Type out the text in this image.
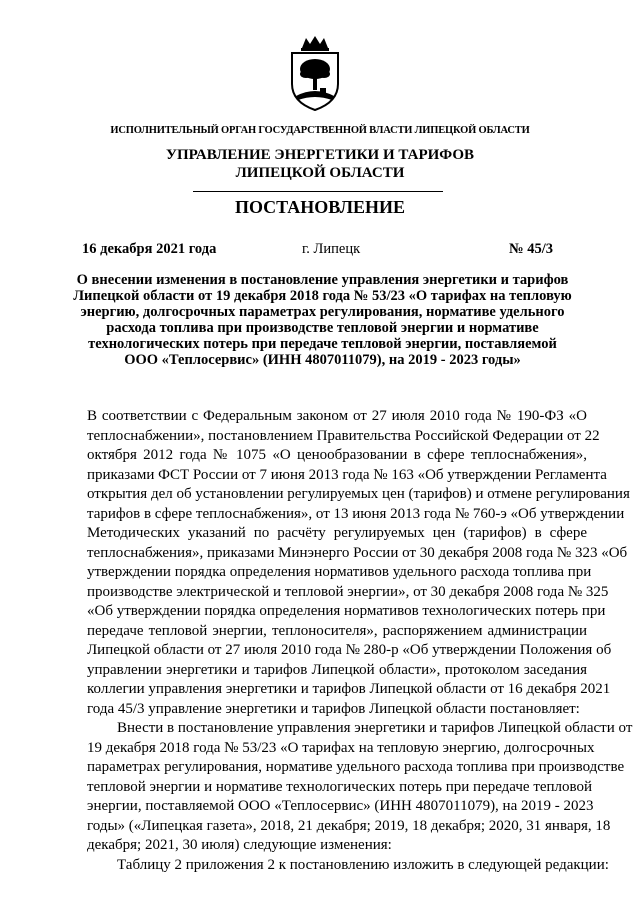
ИСПОЛНИТЕЛЬНЫЙ ОРГАН ГОСУДАРСТВЕННОЙ ВЛАСТИ ЛИПЕЦКОЙ ОБЛАСТИ
УПРАВЛЕНИЕ ЭНЕРГЕТИКИ И ТАРИФОВ
ЛИПЕЦКОЙ ОБЛАСТИ
ПОСТАНОВЛЕНИЕ
16 декабря 2021 года	г. Липецк	№ 45/3
О внесении изменения в постановление управления энергетики и тарифов
Липецкой области от 19 декабря 2018 года № 53/23 «О тарифах на тепловую
энергию, долгосрочных параметрах регулирования, нормативе удельного
расхода топлива при производстве тепловой энергии и нормативе
технологических потерь при передаче тепловой энергии, поставляемой
ООО «Теплосервис» (ИНН 4807011079), на 2019 - 2023 годы»

В соответствии с Федеральным законом от 27 июля 2010 года № 190-ФЗ «О
теплоснабжении», постановлением Правительства Российской Федерации от 22
октября 2012 года № 1075 «О ценообразовании в сфере теплоснабжения»,
приказами ФСТ России от 7 июня 2013 года № 163 «Об утверждении Регламента
открытия дел об установлении регулируемых цен (тарифов) и отмене регулирования
тарифов в сфере теплоснабжения», от 13 июня 2013 года № 760-э «Об утверждении
Методических указаний по расчёту регулируемых цен (тарифов) в сфере
теплоснабжения», приказами Минэнерго России от 30 декабря 2008 года № 323 «Об
утверждении порядка определения нормативов удельного расхода топлива при
производстве электрической и тепловой энергии», от 30 декабря 2008 года № 325
«Об утверждении порядка определения нормативов технологических потерь при
передаче тепловой энергии, теплоносителя», распоряжением администрации
Липецкой области от 27 июля 2010 года № 280-р «Об утверждении Положения об
управлении энергетики и тарифов Липецкой области», протоколом заседания
коллегии управления энергетики и тарифов Липецкой области от 16 декабря 2021
года 45/3 управление энергетики и тарифов Липецкой области постановляет:

Внести в постановление управления энергетики и тарифов Липецкой области от
19 декабря 2018 года № 53/23 «О тарифах на тепловую энергию, долгосрочных
параметрах регулирования, нормативе удельного расхода топлива при производстве
тепловой энергии и нормативе технологических потерь при передаче тепловой
энергии, поставляемой ООО «Теплосервис» (ИНН 4807011079), на 2019 - 2023
годы» («Липецкая газета», 2018, 21 декабря; 2019, 18 декабря; 2020, 31 января, 18
декабря; 2021, 30 июля) следующие изменения:

Таблицу 2 приложения 2 к постановлению изложить в следующей редакции:
